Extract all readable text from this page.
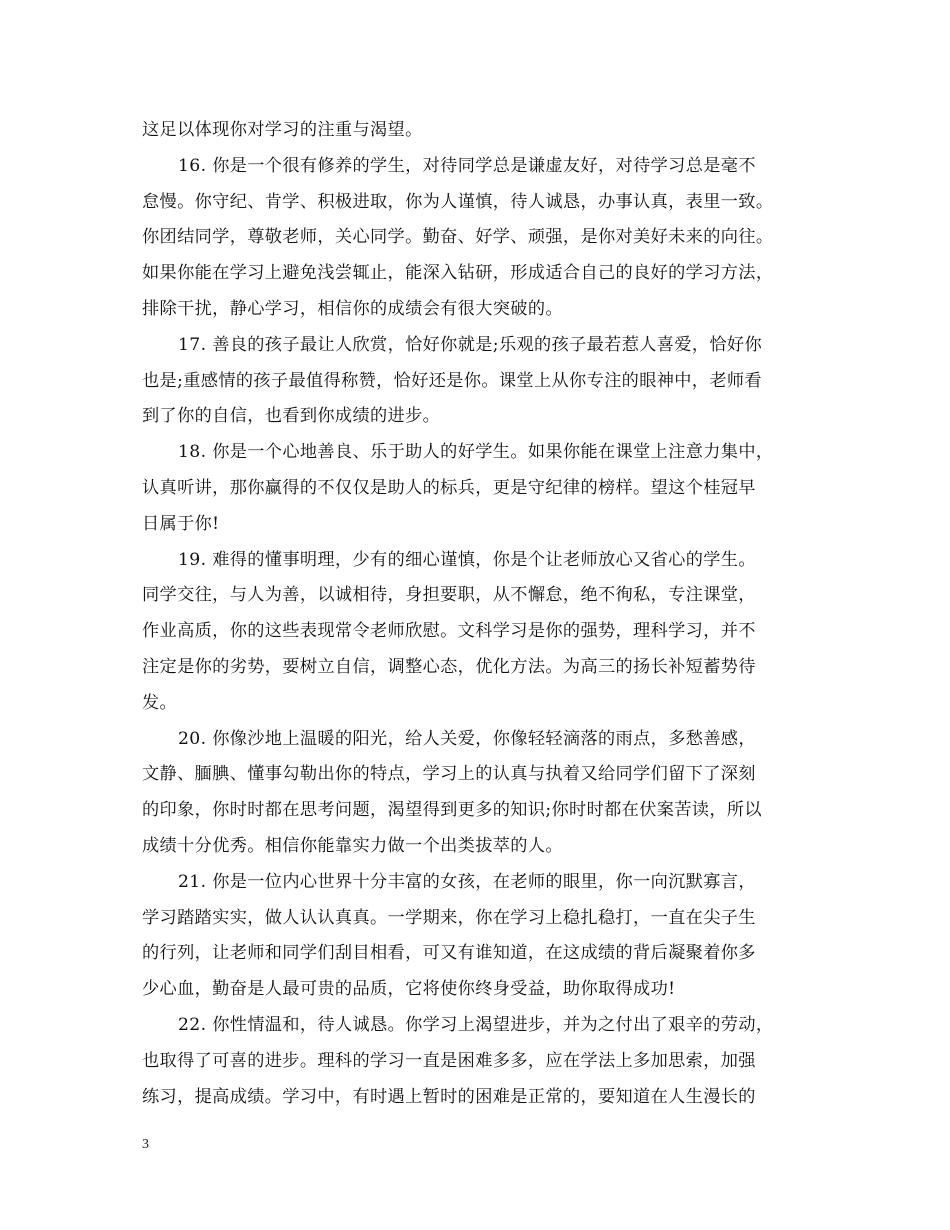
这足以体现你对学习的注重与渴望。
16. 你是一个很有修养的学生，对待同学总是谦虚友好，对待学习总是毫不
怠慢。你守纪、肯学、积极进取，你为人谨慎，待人诚恳，办事认真，表里一致。
你团结同学，尊敬老师，关心同学。勤奋、好学、顽强，是你对美好未来的向往。
如果你能在学习上避免浅尝辄止，能深入钻研，形成适合自己的良好的学习方法，
排除干扰，静心学习，相信你的成绩会有很大突破的。
17. 善良的孩子最让人欣赏，恰好你就是;乐观的孩子最若惹人喜爱，恰好你
也是;重感情的孩子最值得称赞，恰好还是你。课堂上从你专注的眼神中，老师看
到了你的自信，也看到你成绩的进步。
18. 你是一个心地善良、乐于助人的好学生。如果你能在课堂上注意力集中，
认真听讲，那你赢得的不仅仅是助人的标兵，更是守纪律的榜样。望这个桂冠早
日属于你!
19. 难得的懂事明理，少有的细心谨慎，你是个让老师放心又省心的学生。
同学交往，与人为善，以诚相待，身担要职，从不懈怠，绝不徇私，专注课堂，
作业高质，你的这些表现常令老师欣慰。文科学习是你的强势，理科学习，并不
注定是你的劣势，要树立自信，调整心态，优化方法。为高三的扬长补短蓄势待
发。
20. 你像沙地上温暖的阳光，给人关爱，你像轻轻滴落的雨点，多愁善感，
文静、腼腆、懂事勾勒出你的特点，学习上的认真与执着又给同学们留下了深刻
的印象，你时时都在思考问题，渴望得到更多的知识;你时时都在伏案苦读，所以
成绩十分优秀。相信你能靠实力做一个出类拔萃的人。
21. 你是一位内心世界十分丰富的女孩，在老师的眼里，你一向沉默寡言，
学习踏踏实实，做人认认真真。一学期来，你在学习上稳扎稳打，一直在尖子生
的行列，让老师和同学们刮目相看，可又有谁知道，在这成绩的背后凝聚着你多
少心血，勤奋是人最可贵的品质，它将使你终身受益，助你取得成功!
22. 你性情温和，待人诚恳。你学习上渴望进步，并为之付出了艰辛的劳动，
也取得了可喜的进步。理科的学习一直是困难多多，应在学法上多加思索，加强
练习，提高成绩。学习中，有时遇上暂时的困难是正常的，要知道在人生漫长的
3
